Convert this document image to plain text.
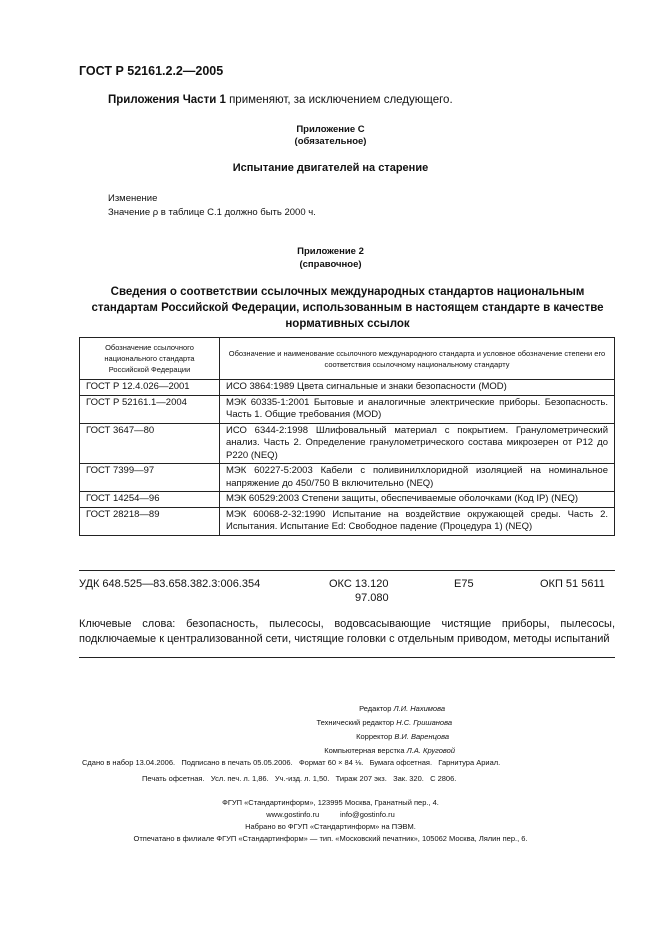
ГОСТ Р 52161.2.2—2005
Приложения Части 1 применяют, за исключением следующего.
Приложение С
(обязательное)
Испытание двигателей на старение
Изменение
Значение ρ в таблице С.1 должно быть 2000 ч.
Приложение 2
(справочное)
Сведения о соответствии ссылочных международных стандартов национальным стандартам Российской Федерации, использованным в настоящем стандарте в качестве нормативных ссылок
Обозначение ссылочного национального стандарта Российской Федерации	Обозначение и наименование ссылочного международного стандарта и условное обозначение степени его соответствия ссылочному национальному стандарту
ГОСТ Р 12.4.026—2001	ИСО 3864:1989 Цвета сигнальные и знаки безопасности (MOD)
ГОСТ Р 52161.1—2004	МЭК 60335-1:2001 Бытовые и аналогичные электрические приборы. Безопасность. Часть 1. Общие требования (MOD)
ГОСТ 3647—80	ИСО 6344-2:1998 Шлифовальный материал с покрытием. Гранулометрический анализ. Часть 2. Определение гранулометрического состава микрозерен от Р12 до Р220 (NEQ)
ГОСТ 7399—97	МЭК 60227-5:2003 Кабели с поливинилхлоридной изоляцией на номинальное напряжение до 450/750 В включительно (NEQ)
ГОСТ 14254—96	МЭК 60529:2003 Степени защиты, обеспечиваемые оболочками (Код IP) (NEQ)
ГОСТ 28218—89	МЭК 60068-2-32:1990 Испытание на воздействие окружающей среды. Часть 2. Испытания. Испытание Ed: Свободное падение (Процедура 1) (NEQ)
УДК 648.525—83.658.382.3:006.354	ОКС 13.120
97.080
Е75	ОКП 51 5611
Ключевые слова: безопасность, пылесосы, водовсасывающие чистящие приборы, пылесосы, подключаемые к централизованной сети, чистящие головки с отдельным приводом, методы испытаний
Редактор Л.И. Нахимова
Технический редактор Н.С. Гришанова
Корректор В.И. Варенцова
Компьютерная верстка Л.А. Круговой
Сдано в набор 13.04.2006.   Подписано в печать 05.05.2006.   Формат 60 × 84 ⅛.   Бумага офсетная.   Гарнитура Ариал.
Печать офсетная.   Усл. печ. л. 1,86.   Уч.-изд. л. 1,50.   Тираж 207 экз.   Зак. 320.   С 2806.
ФГУП «Стандартинформ», 123995 Москва, Гранатный пер., 4.
www.gostinfo.ru          info@gostinfo.ru
Набрано во ФГУП «Стандартинформ» на ПЭВМ.
Отпечатано в филиале ФГУП «Стандартинформ» — тип. «Московский печатник», 105062 Москва, Лялин пер., 6.
